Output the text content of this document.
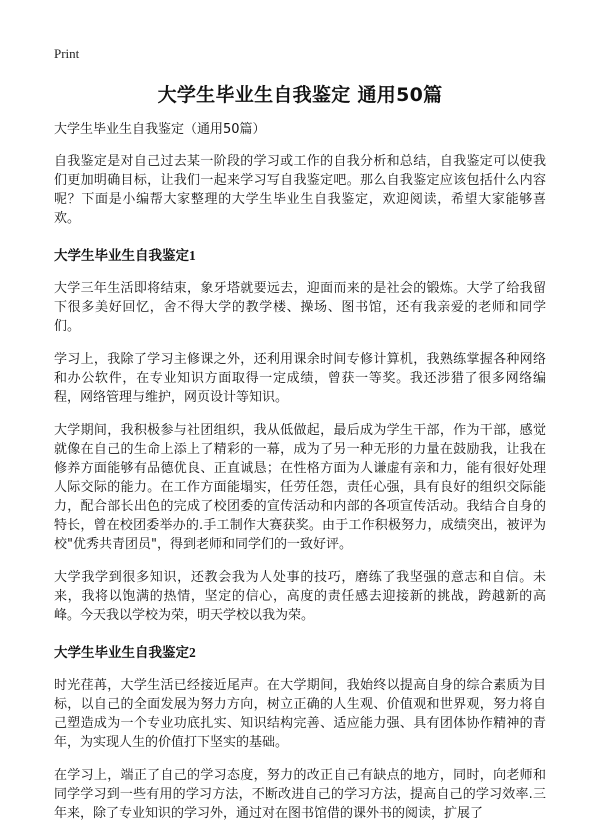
Print
大学生毕业生自我鉴定 通用50篇
大学生毕业生自我鉴定（通用50篇）

自我鉴定是对自己过去某一阶段的学习或工作的自我分析和总结，自我鉴定可以使我们更加明确目标，让我们一起来学习写自我鉴定吧。那么自我鉴定应该包括什么内容呢？下面是小编帮大家整理的大学生毕业生自我鉴定，欢迎阅读，希望大家能够喜欢。

大学生毕业生自我鉴定1

大学三年生活即将结束，象牙塔就要远去，迎面而来的是社会的锻炼。大学了给我留下很多美好回忆，舍不得大学的教学楼、操场、图书馆，还有我亲爱的老师和同学们。

学习上，我除了学习主修课之外，还利用课余时间专修计算机，我熟练掌握各种网络和办公软件，在专业知识方面取得一定成绩，曾获一等奖。我还涉猎了很多网络编程，网络管理与维护，网页设计等知识。

大学期间，我积极参与社团组织，我从低做起，最后成为学生干部，作为干部，感觉就像在自己的生命上添上了精彩的一幕，成为了另一种无形的力量在鼓励我，让我在修养方面能够有品德优良、正直诚恳；在性格方面为人谦虚有亲和力，能有很好处理人际交际的能力。在工作方面能塌实，任劳任怨，责任心强，具有良好的组织交际能力，配合部长出色的完成了校团委的宣传活动和内部的各项宣传活动。我结合自身的特长，曾在校团委举办的.手工制作大赛获奖。由于工作积极努力，成绩突出，被评为校"优秀共青团员"，得到老师和同学们的一致好评。

大学我学到很多知识，还教会我为人处事的技巧，磨练了我坚强的意志和自信。未来，我将以饱满的热情，坚定的信心，高度的责任感去迎接新的挑战，跨越新的高峰。今天我以学校为荣，明天学校以我为荣。

大学生毕业生自我鉴定2

时光荏苒，大学生活已经接近尾声。在大学期间，我始终以提高自身的综合素质为目标，以自己的全面发展为努力方向，树立正确的人生观、价值观和世界观，努力将自己塑造成为一个专业功底扎实、知识结构完善、适应能力强、具有团体协作精神的青年，为实现人生的价值打下坚实的基础。

在学习上，端正了自己的学习态度，努力的改正自己有缺点的地方，同时，向老师和同学学习到一些有用的学习方法，不断改进自己的学习方法，提高自己的学习效率.三年来，除了专业知识的学习外，通过对在图书馆借的课外书的阅读，扩展了
